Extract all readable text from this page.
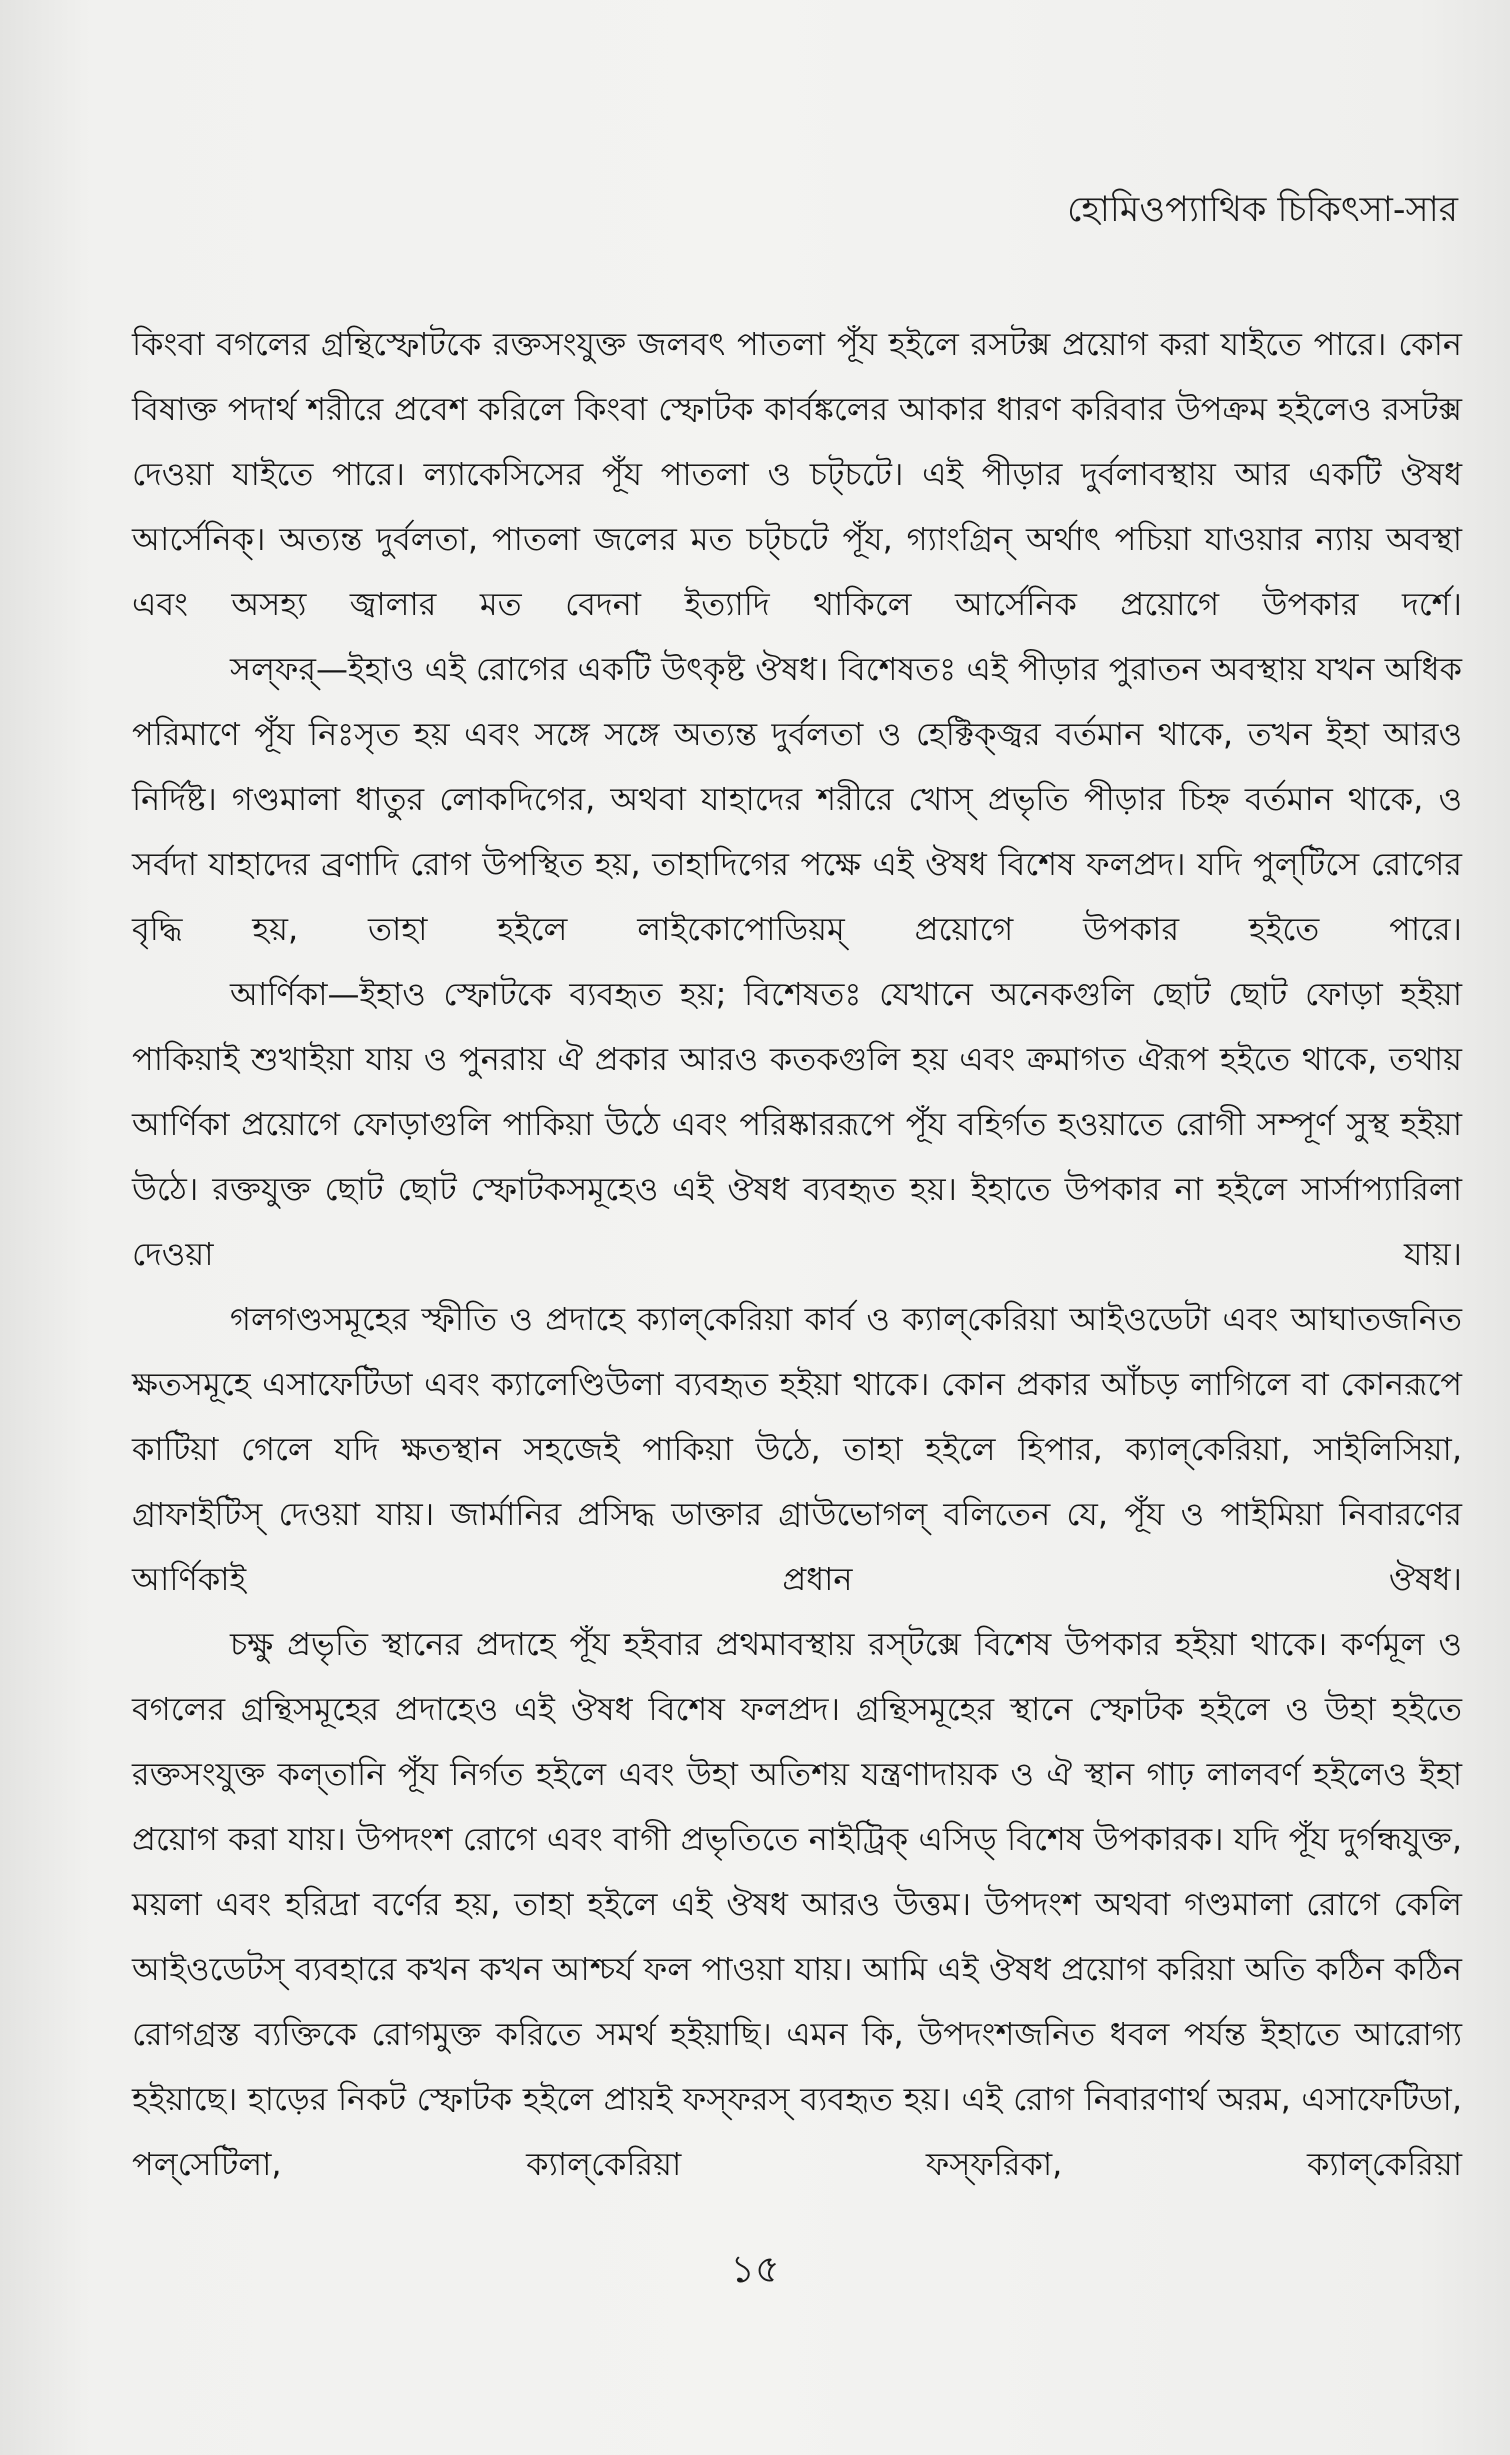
হোমিওপ্যাথিক চিকিৎসা-সার

কিংবা বগলের গ্রন্থিস্ফোটকে রক্তসংযুক্ত জলবৎ পাতলা পূঁয হইলে রসটক্স প্রয়োগ করা যাইতে পারে। কোন বিষাক্ত পদার্থ শরীরে প্রবেশ করিলে কিংবা স্ফোটক কার্বঙ্কলের আকার ধারণ করিবার উপক্রম হইলেও রসটক্স দেওয়া যাইতে পারে। ল্যাকেসিসের পূঁয পাতলা ও চট্‌চটে। এই পীড়ার দুর্বলাবস্থায় আর একটি ঔষধ আর্সেনিক্‌। অত্যন্ত দুর্বলতা, পাতলা জলের মত চট্‌চটে পূঁয, গ্যাংগ্রিন্‌ অর্থাৎ পচিয়া যাওয়ার ন্যায় অবস্থা এবং অসহ্য জ্বালার মত বেদনা ইত্যাদি থাকিলে আর্সেনিক প্রয়োগে উপকার দর্শে।

সল্‌ফর্‌—ইহাও এই রোগের একটি উৎকৃষ্ট ঔষধ। বিশেষতঃ এই পীড়ার পুরাতন অবস্থায় যখন অধিক পরিমাণে পূঁয নিঃসৃত হয় এবং সঙ্গে সঙ্গে অত্যন্ত দুর্বলতা ও হেক্টিক্‌জ্বর বর্তমান থাকে, তখন ইহা আরও নির্দিষ্ট। গণ্ডমালা ধাতুর লোকদিগের, অথবা যাহাদের শরীরে খোস্‌ প্রভৃতি পীড়ার চিহ্ন বর্তমান থাকে, ও সর্বদা যাহাদের ব্রণাদি রোগ উপস্থিত হয়, তাহাদিগের পক্ষে এই ঔষধ বিশেষ ফলপ্রদ। যদি পুল্‌টিসে রোগের বৃদ্ধি হয়, তাহা হইলে লাইকোপোডিয়ম্‌ প্রয়োগে উপকার হইতে পারে।

আর্ণিকা—ইহাও স্ফোটকে ব্যবহৃত হয়; বিশেষতঃ যেখানে অনেকগুলি ছোট ছোট ফোড়া হইয়া পাকিয়াই শুখাইয়া যায় ও পুনরায় ঐ প্রকার আরও কতকগুলি হয় এবং ক্রমাগত ঐরূপ হইতে থাকে, তথায় আর্ণিকা প্রয়োগে ফোড়াগুলি পাকিয়া উঠে এবং পরিষ্কাররূপে পূঁয বহির্গত হওয়াতে রোগী সম্পূর্ণ সুস্থ হইয়া উঠে। রক্তযুক্ত ছোট ছোট স্ফোটকসমূহেও এই ঔষধ ব্যবহৃত হয়। ইহাতে উপকার না হইলে সার্সাপ্যারিলা দেওয়া যায়।

গলগণ্ডসমূহের স্ফীতি ও প্রদাহে ক্যাল্‌কেরিয়া কার্ব ও ক্যাল্‌কেরিয়া আইওডেটা এবং আঘাতজনিত ক্ষতসমূহে এসাফেটিডা এবং ক্যালেণ্ডিউলা ব্যবহৃত হইয়া থাকে। কোন প্রকার আঁচড় লাগিলে বা কোনরূপে কাটিয়া গেলে যদি ক্ষতস্থান সহজেই পাকিয়া উঠে, তাহা হইলে হিপার, ক্যাল্‌কেরিয়া, সাইলিসিয়া, গ্রাফাইটিস্‌ দেওয়া যায়। জার্মানির প্রসিদ্ধ ডাক্তার গ্রাউভোগল্‌ বলিতেন যে, পূঁয ও পাইমিয়া নিবারণের আর্ণিকাই প্রধান ঔষধ।

চক্ষু প্রভৃতি স্থানের প্রদাহে পূঁয হইবার প্রথমাবস্থায় রস্‌টক্সে বিশেষ উপকার হইয়া থাকে। কর্ণমূল ও বগলের গ্রন্থিসমূহের প্রদাহেও এই ঔষধ বিশেষ ফলপ্রদ। গ্রন্থিসমূহের স্থানে স্ফোটক হইলে ও উহা হইতে রক্তসংযুক্ত কল্‌তানি পূঁয নির্গত হইলে এবং উহা অতিশয় যন্ত্রণাদায়ক ও ঐ স্থান গাঢ় লালবর্ণ হইলেও ইহা প্রয়োগ করা যায়। উপদংশ রোগে এবং বাগী প্রভৃতিতে নাইট্রিক্‌ এসিড্‌ বিশেষ উপকারক। যদি পূঁয দুর্গন্ধযুক্ত, ময়লা এবং হরিদ্রা বর্ণের হয়, তাহা হইলে এই ঔষধ আরও উত্তম। উপদংশ অথবা গণ্ডমালা রোগে কেলি আইওডেটস্‌ ব্যবহারে কখন কখন আশ্চর্য ফল পাওয়া যায়। আমি এই ঔষধ প্রয়োগ করিয়া অতি কঠিন কঠিন রোগগ্রস্ত ব্যক্তিকে রোগমুক্ত করিতে সমর্থ হইয়াছি। এমন কি, উপদংশজনিত ধবল পর্যন্ত ইহাতে আরোগ্য হইয়াছে। হাড়ের নিকট স্ফোটক হইলে প্রায়ই ফস্‌ফরস্‌ ব্যবহৃত হয়। এই রোগ নিবারণার্থ অরম, এসাফেটিডা, পল্‌সেটিলা, ক্যাল্‌কেরিয়া ফস্‌ফরিকা, ক্যাল্‌কেরিয়া

১৫
